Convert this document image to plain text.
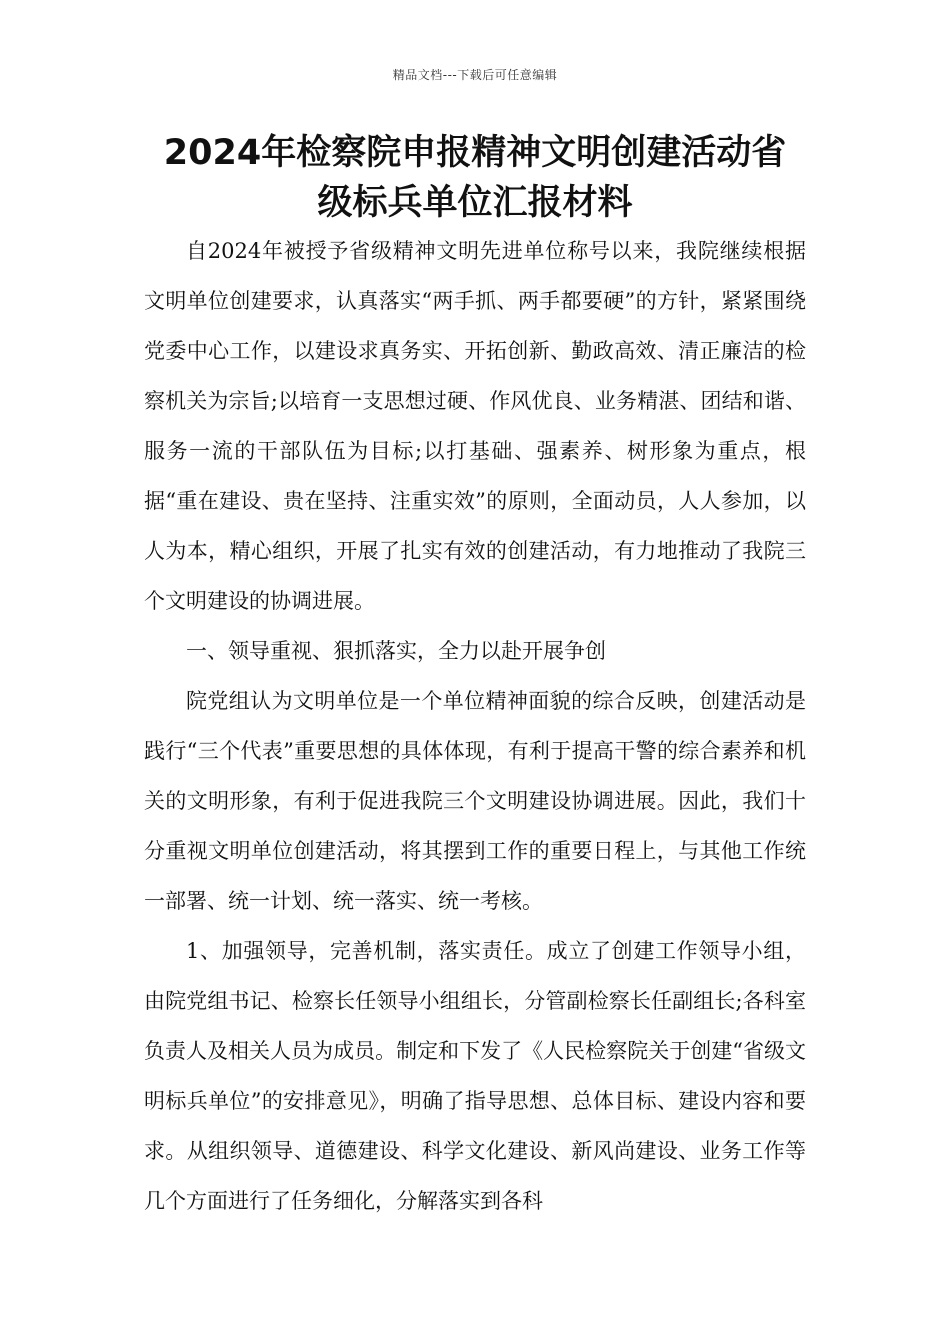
精品文档---下载后可任意编辑
2024年检察院申报精神文明创建活动省
级标兵单位汇报材料

自2024年被授予省级精神文明先进单位称号以来，我院继续根据文明单位创建要求，认真落实“两手抓、两手都要硬”的方针，紧紧围绕党委中心工作，以建设求真务实、开拓创新、勤政高效、清正廉洁的检察机关为宗旨;以培育一支思想过硬、作风优良、业务精湛、团结和谐、服务一流的干部队伍为目标;以打基础、强素养、树形象为重点，根据“重在建设、贵在坚持、注重实效”的原则，全面动员，人人参加，以人为本，精心组织，开展了扎实有效的创建活动，有力地推动了我院三个文明建设的协调进展。

一、领导重视、狠抓落实，全力以赴开展争创

院党组认为文明单位是一个单位精神面貌的综合反映，创建活动是践行“三个代表”重要思想的具体体现，有利于提高干警的综合素养和机关的文明形象，有利于促进我院三个文明建设协调进展。因此，我们十分重视文明单位创建活动，将其摆到工作的重要日程上，与其他工作统一部署、统一计划、统一落实、统一考核。

1、加强领导，完善机制，落实责任。成立了创建工作领导小组，由院党组书记、检察长任领导小组组长，分管副检察长任副组长;各科室负责人及相关人员为成员。制定和下发了《人民检察院关于创建“省级文明标兵单位”的安排意见》，明确了指导思想、总体目标、建设内容和要求。从组织领导、道德建设、科学文化建设、新风尚建设、业务工作等几个方面进行了任务细化，分解落实到各科
